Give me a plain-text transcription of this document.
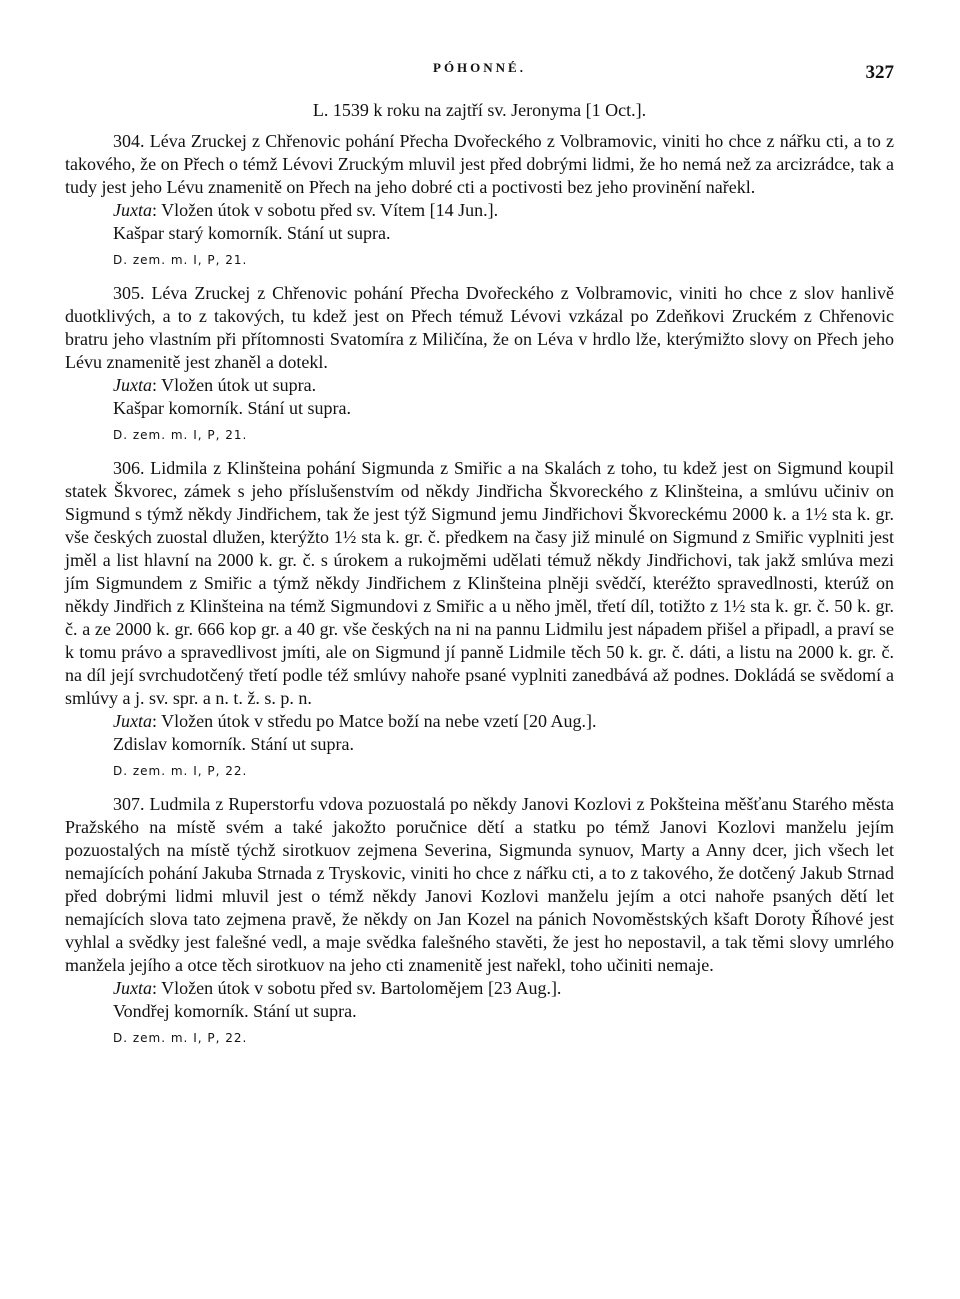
PÓHONNÉ.	327
L. 1539 k roku na zajtří sv. Jeronyma [1 Oct.].

304. Léva Zruckej z Chřenovic pohání Přecha Dvořeckého z Volbramovic, viniti ho chce z nářku cti, a to z takového, že on Přech o témž Lévovi Zruckým mluvil jest před dobrými lidmi, že ho nemá než za arcizrádce, tak a tudy jest jeho Lévu znamenitě on Přech na jeho dobré cti a poctivosti bez jeho provinění nařekl.

Juxta: Vložen útok v sobotu před sv. Vítem [14 Jun.].
Kašpar starý komorník. Stání ut supra.
D. zem. m. I, P, 21.

305. Léva Zruckej z Chřenovic pohání Přecha Dvořeckého z Volbramovic, viniti ho chce z slov hanlivě duotklivých, a to z takových, tu kdež jest on Přech témuž Lévovi vzkázal po Zdeňkovi Zruckém z Chřenovic bratru jeho vlastním při přítomnosti Svatomíra z Miličína, že on Léva v hrdlo lže, kterýmižto slovy on Přech jeho Lévu znamenitě jest zhaněl a dotekl.

Juxta: Vložen útok ut supra.
Kašpar komorník. Stání ut supra.
D. zem. m. I, P, 21.

306. Lidmila z Klinšteina pohání Sigmunda z Smiřic a na Skalách z toho, tu kdež jest on Sigmund koupil statek Škvorec, zámek s jeho příslušenstvím od někdy Jindřicha Škvoreckého z Klinšteina, a smlúvu učiniv on Sigmund s týmž někdy Jindřichem, tak že jest týž Sigmund jemu Jindřichovi Škvoreckému 2000 k. a 1½ sta k. gr. vše českých zuostal dlužen, kterýžto 1½ sta k. gr. č. předkem na časy již minulé on Sigmund z Smiřic vyplniti jest jměl a list hlavní na 2000 k. gr. č. s úrokem a rukojměmi udělati témuž někdy Jindřichovi, tak jakž smlúva mezi jím Sigmundem z Smiřic a týmž někdy Jindřichem z Klinšteina plněji svědčí, kteréžto spravedlnosti, kterúž on někdy Jindřich z Klinšteina na témž Sigmundovi z Smiřic a u něho jměl, třetí díl, totižto z 1½ sta k. gr. č. 50 k. gr. č. a ze 2000 k. gr. 666 kop gr. a 40 gr. vše českých na ni na pannu Lidmilu jest nápadem přišel a připadl, a praví se k tomu právo a spravedlivost jmíti, ale on Sigmund jí panně Lidmile těch 50 k. gr. č. dáti, a listu na 2000 k. gr. č. na díl její svrchudotčený třetí podle též smlúvy nahoře psané vyplniti zanedbává až podnes. Dokládá se svědomí a smlúvy a j. sv. spr. a n. t. ž. s. p. n.

Juxta: Vložen útok v středu po Matce boží na nebe vzetí [20 Aug.].
Zdislav komorník. Stání ut supra.
D. zem. m. I, P, 22.

307. Ludmila z Ruperstorfu vdova pozuostalá po někdy Janovi Kozlovi z Pokšteina měšťanu Starého města Pražského na místě svém a také jakožto poručnice dětí a statku po témž Janovi Kozlovi manželu jejím pozuostalých na místě týchž sirotkuov zejmena Severina, Sigmunda synuov, Marty a Anny dcer, jich všech let nemajících pohání Jakuba Strnada z Tryskovic, viniti ho chce z nářku cti, a to z takového, že dotčený Jakub Strnad před dobrými lidmi mluvil jest o témž někdy Janovi Kozlovi manželu jejím a otci nahoře psaných dětí let nemajících slova tato zejmena pravě, že někdy on Jan Kozel na pánich Novoměstských kšaft Doroty Říhové jest vyhlal a svědky jest falešné vedl, a maje svědka falešného stavěti, že jest ho nepostavil, a tak těmi slovy umrlého manžela jejího a otce těch sirotkuov na jeho cti znamenitě jest nařekl, toho učiniti nemaje.

Juxta: Vložen útok v sobotu před sv. Bartolomějem [23 Aug.].
Vondřej komorník. Stání ut supra.
D. zem. m. I, P, 22.
